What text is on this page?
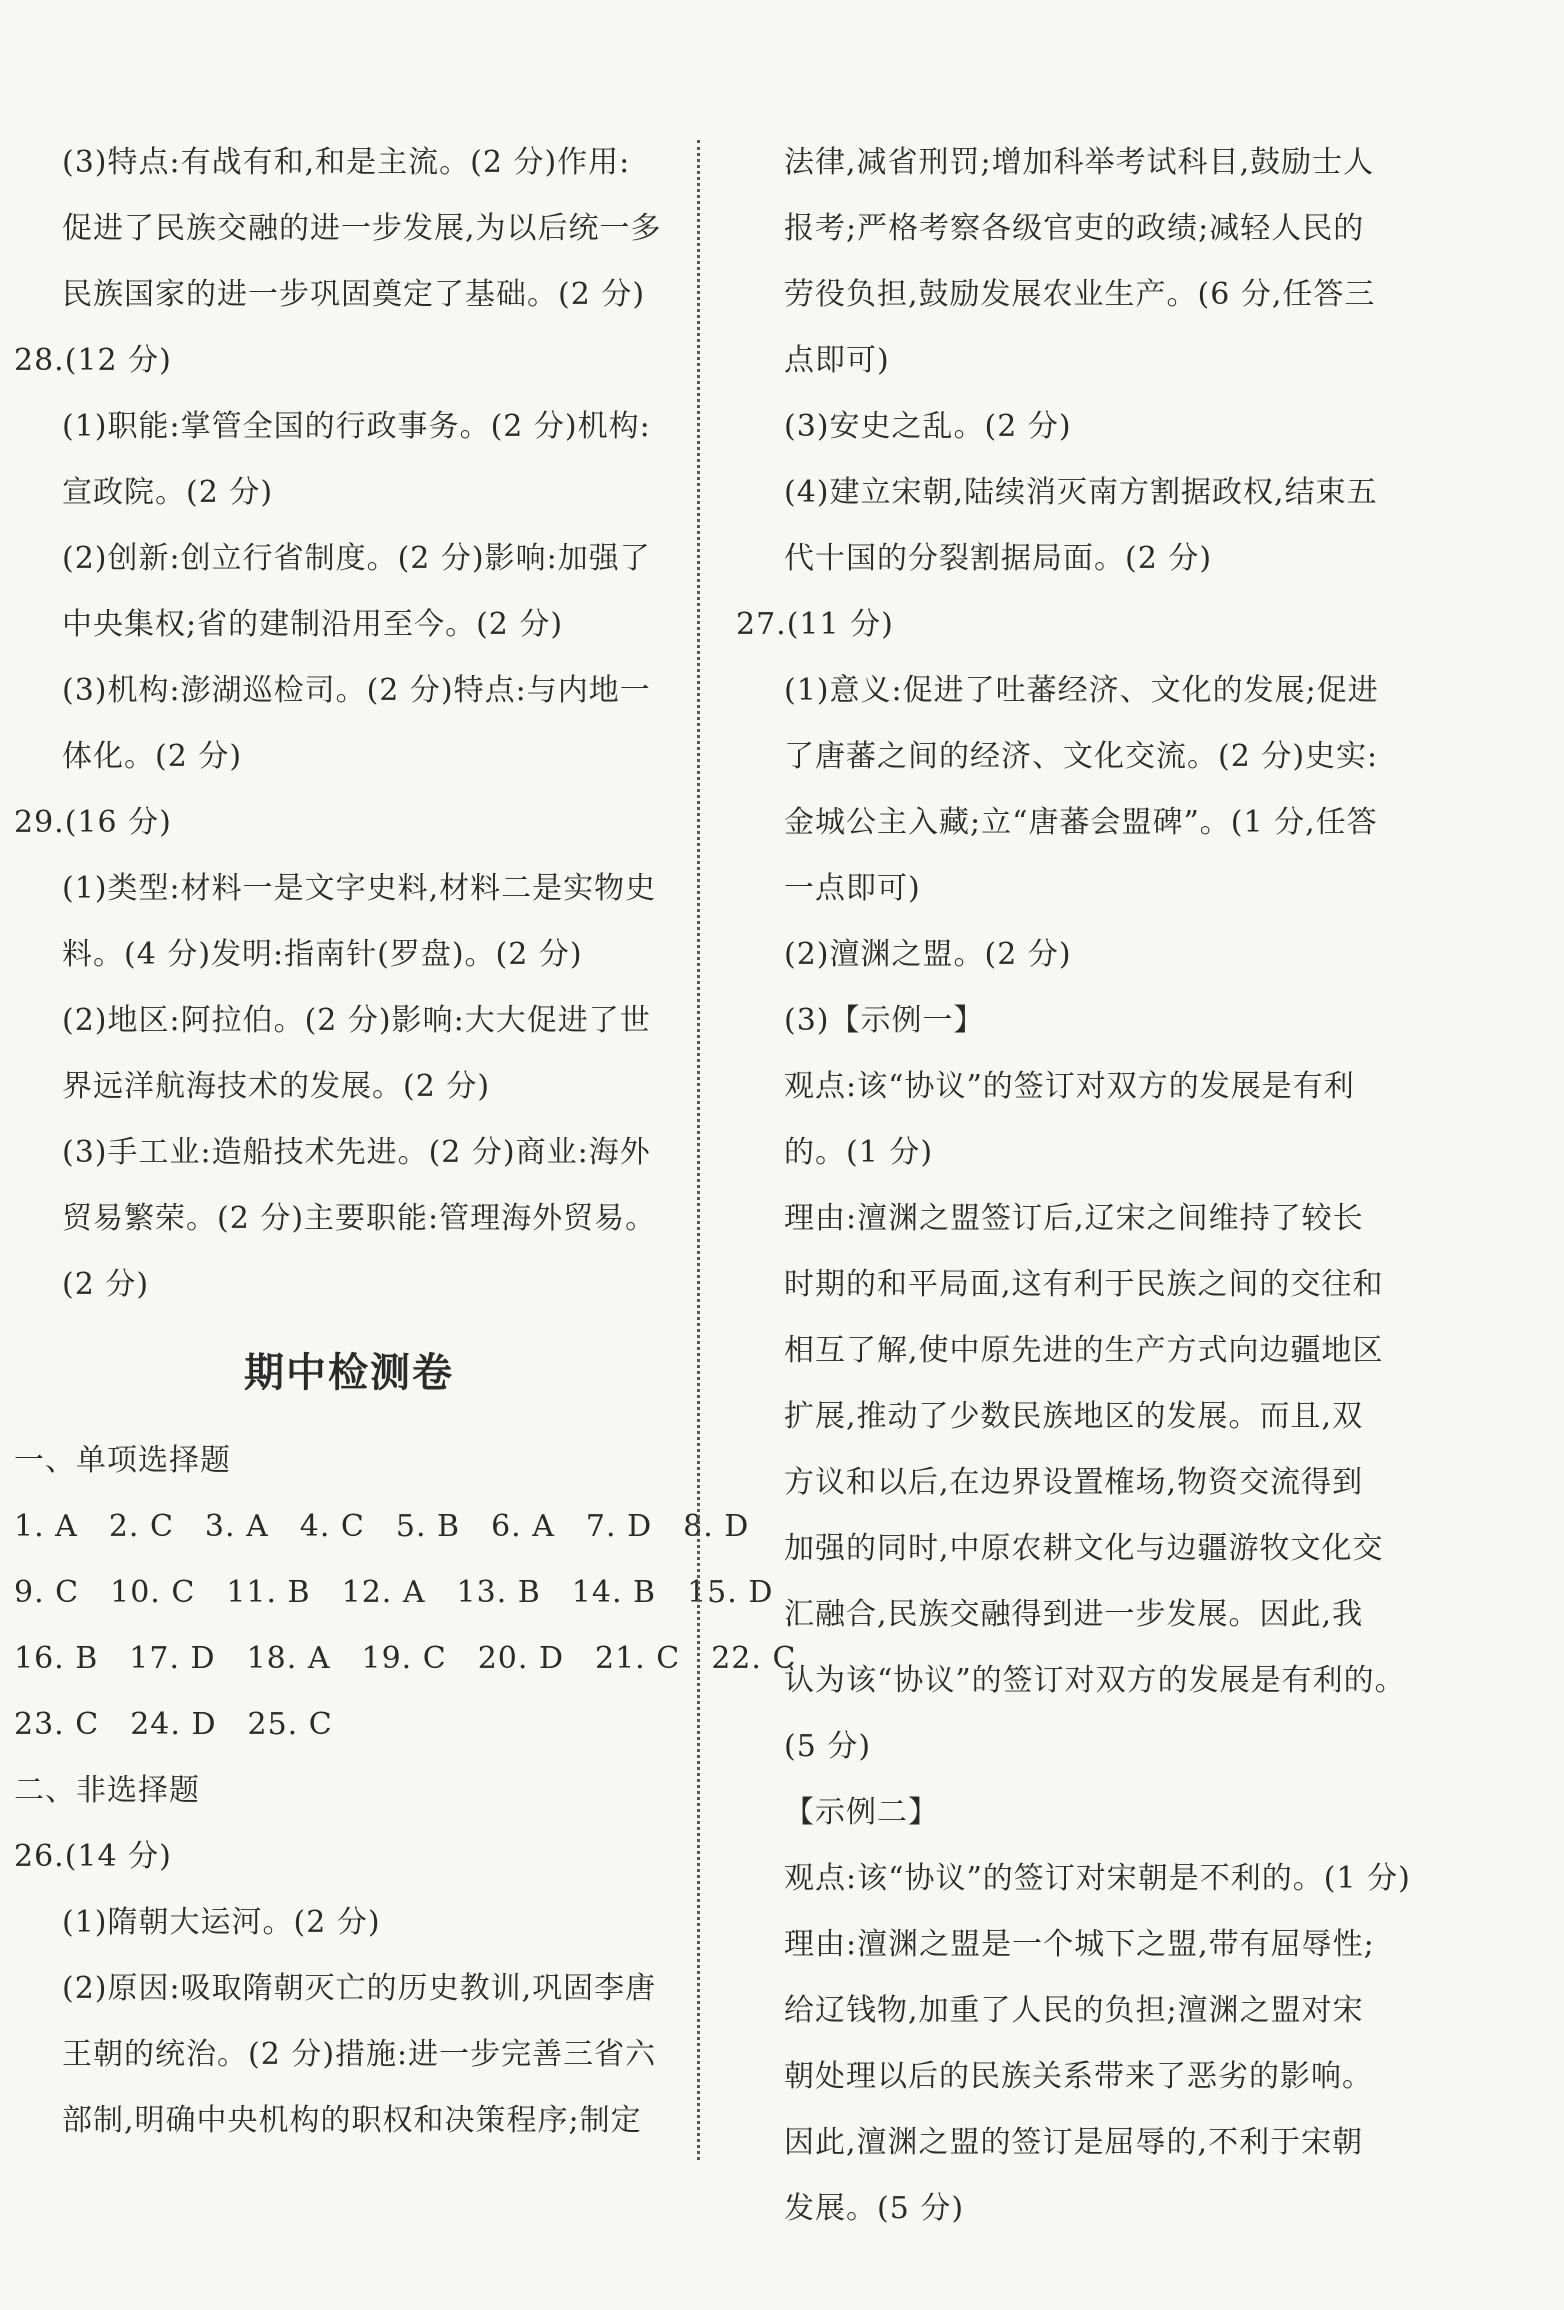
(3)特点:有战有和,和是主流。(2 分)作用:
促进了民族交融的进一步发展,为以后统一多
民族国家的进一步巩固奠定了基础。(2 分)
28.(12 分)
(1)职能:掌管全国的行政事务。(2 分)机构:
宣政院。(2 分)
(2)创新:创立行省制度。(2 分)影响:加强了
中央集权;省的建制沿用至今。(2 分)
(3)机构:澎湖巡检司。(2 分)特点:与内地一
体化。(2 分)
29.(16 分)
(1)类型:材料一是文字史料,材料二是实物史
料。(4 分)发明:指南针(罗盘)。(2 分)
(2)地区:阿拉伯。(2 分)影响:大大促进了世
界远洋航海技术的发展。(2 分)
(3)手工业:造船技术先进。(2 分)商业:海外
贸易繁荣。(2 分)主要职能:管理海外贸易。
(2 分)
期中检测卷
一、单项选择题
1. A　2. C　3. A　4. C　5. B　6. A　7. D　8. D
9. C　10. C　11. B　12. A　13. B　14. B　15. D
16. B　17. D　18. A　19. C　20. D　21. C　22. C
23. C　24. D　25. C
二、非选择题
26.(14 分)
(1)隋朝大运河。(2 分)
(2)原因:吸取隋朝灭亡的历史教训,巩固李唐
王朝的统治。(2 分)措施:进一步完善三省六
部制,明确中央机构的职权和决策程序;制定
法律,减省刑罚;增加科举考试科目,鼓励士人
报考;严格考察各级官吏的政绩;减轻人民的
劳役负担,鼓励发展农业生产。(6 分,任答三
点即可)
(3)安史之乱。(2 分)
(4)建立宋朝,陆续消灭南方割据政权,结束五
代十国的分裂割据局面。(2 分)
27.(11 分)
(1)意义:促进了吐蕃经济、文化的发展;促进
了唐蕃之间的经济、文化交流。(2 分)史实:
金城公主入藏;立“唐蕃会盟碑”。(1 分,任答
一点即可)
(2)澶渊之盟。(2 分)
(3)【示例一】
观点:该“协议”的签订对双方的发展是有利
的。(1 分)
理由:澶渊之盟签订后,辽宋之间维持了较长
时期的和平局面,这有利于民族之间的交往和
相互了解,使中原先进的生产方式向边疆地区
扩展,推动了少数民族地区的发展。而且,双
方议和以后,在边界设置榷场,物资交流得到
加强的同时,中原农耕文化与边疆游牧文化交
汇融合,民族交融得到进一步发展。因此,我
认为该“协议”的签订对双方的发展是有利的。
(5 分)
【示例二】
观点:该“协议”的签订对宋朝是不利的。(1 分)
理由:澶渊之盟是一个城下之盟,带有屈辱性;
给辽钱物,加重了人民的负担;澶渊之盟对宋
朝处理以后的民族关系带来了恶劣的影响。
因此,澶渊之盟的签订是屈辱的,不利于宋朝
发展。(5 分)
